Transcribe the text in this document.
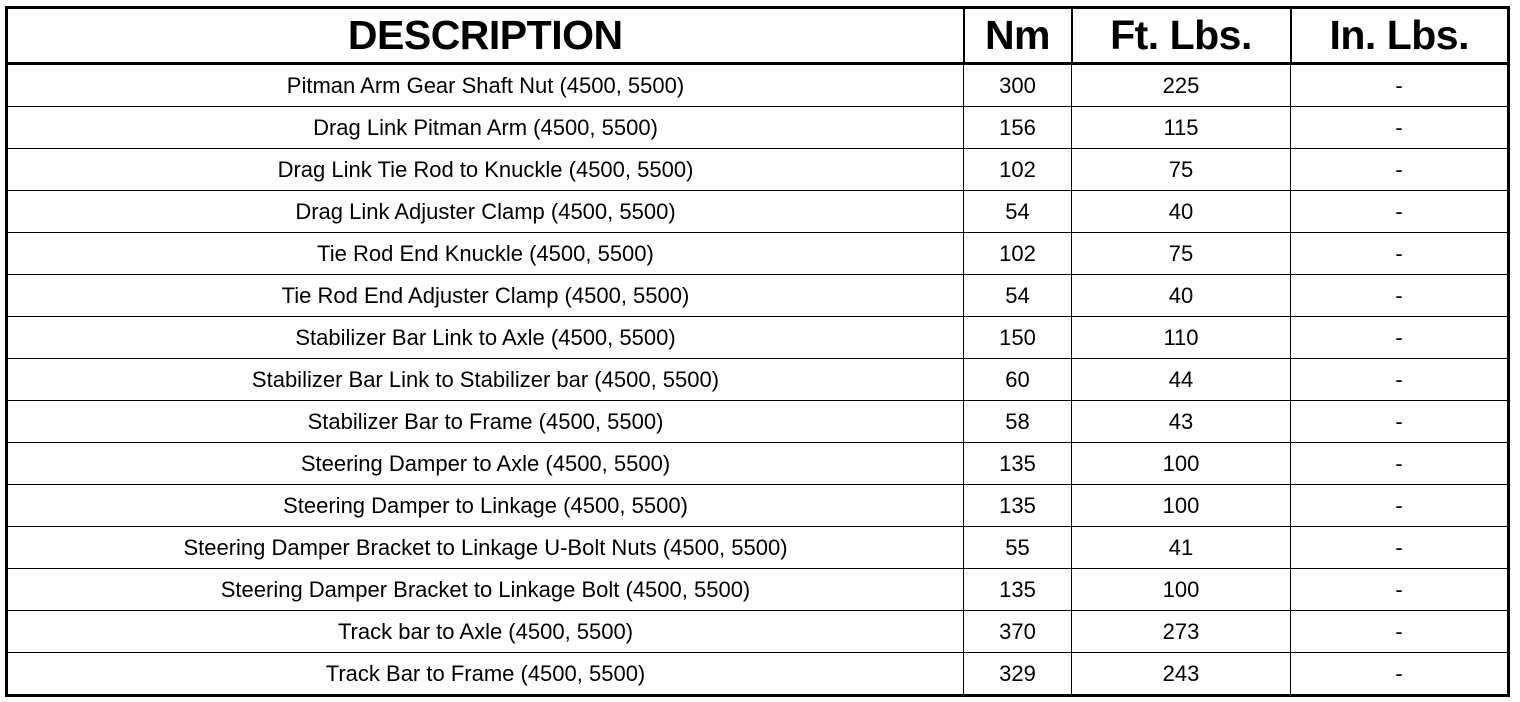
DESCRIPTION	Nm	Ft. Lbs.	In. Lbs.
Pitman Arm Gear Shaft Nut (4500, 5500)	300	225	-
Drag Link Pitman Arm (4500, 5500)	156	115	-
Drag Link Tie Rod to Knuckle (4500, 5500)	102	75	-
Drag Link Adjuster Clamp (4500, 5500)	54	40	-
Tie Rod End Knuckle (4500, 5500)	102	75	-
Tie Rod End Adjuster Clamp (4500, 5500)	54	40	-
Stabilizer Bar Link to Axle (4500, 5500)	150	110	-
Stabilizer Bar Link to Stabilizer bar (4500, 5500)	60	44	-
Stabilizer Bar to Frame (4500, 5500)	58	43	-
Steering Damper to Axle (4500, 5500)	135	100	-
Steering Damper to Linkage (4500, 5500)	135	100	-
Steering Damper Bracket to Linkage U-Bolt Nuts (4500, 5500)	55	41	-
Steering Damper Bracket to Linkage Bolt (4500, 5500)	135	100	-
Track bar to Axle (4500, 5500)	370	273	-
Track Bar to Frame (4500, 5500)	329	243	-
